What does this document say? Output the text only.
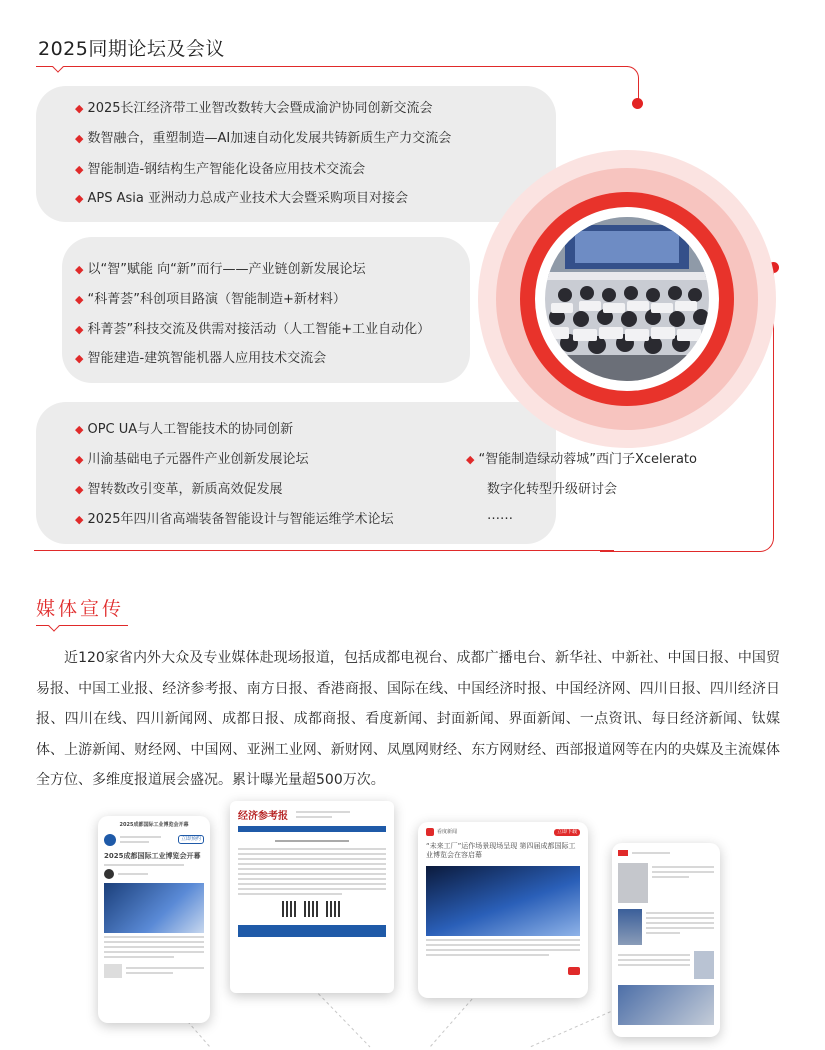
2025同期论坛及会议
◆ 2025长江经济带工业智改数转大会暨成渝沪协同创新交流会
◆ 数智融合，重塑制造—AI加速自动化发展共铸新质生产力交流会
◆ 智能制造-钢结构生产智能化设备应用技术交流会
◆ APS Asia 亚洲动力总成产业技术大会暨采购项目对接会
◆ 以“智”赋能 向“新”而行——产业链创新发展论坛
◆ “科菁荟”科创项目路演（智能制造+新材料）
◆ 科菁荟”科技交流及供需对接活动（人工智能+工业自动化）
◆ 智能建造-建筑智能机器人应用技术交流会
◆ OPC UA与人工智能技术的协同创新
◆ 川渝基础电子元器件产业创新发展论坛
◆ 智转数改引变革，新质高效促发展
◆ 2025年四川省高端装备智能设计与智能运维学术论坛
◆ “智能制造绿动蓉城”西门子Xcelerato
数字化转型升级研讨会
……
媒体宣传
近120家省内外大众及专业媒体赴现场报道，包括成都电视台、成都广播电台、新华社、中新社、中国日报、中国贸易报、中国工业报、经济参考报、南方日报、香港商报、国际在线、中国经济时报、中国经济网、四川日报、四川经济日报、四川在线、四川新闻网、成都日报、成都商报、看度新闻、封面新闻、界面新闻、一点资讯、每日经济新闻、钛媒体、上游新闻、财经网、中国网、亚洲工业网、新财网、凤凰网财经、东方网财经、西部报道网等在内的央媒及主流媒体全方位、多维度报道展会盛况。累计曝光量超500万次。
2025成都国际工业博览会开幕
立即预约
2025成都国际工业博览会开幕
经济参考报
看度新闻	立即下载
“未来工厂”运作场景现场呈现 第四届成都国际工业博览会在容启幕
